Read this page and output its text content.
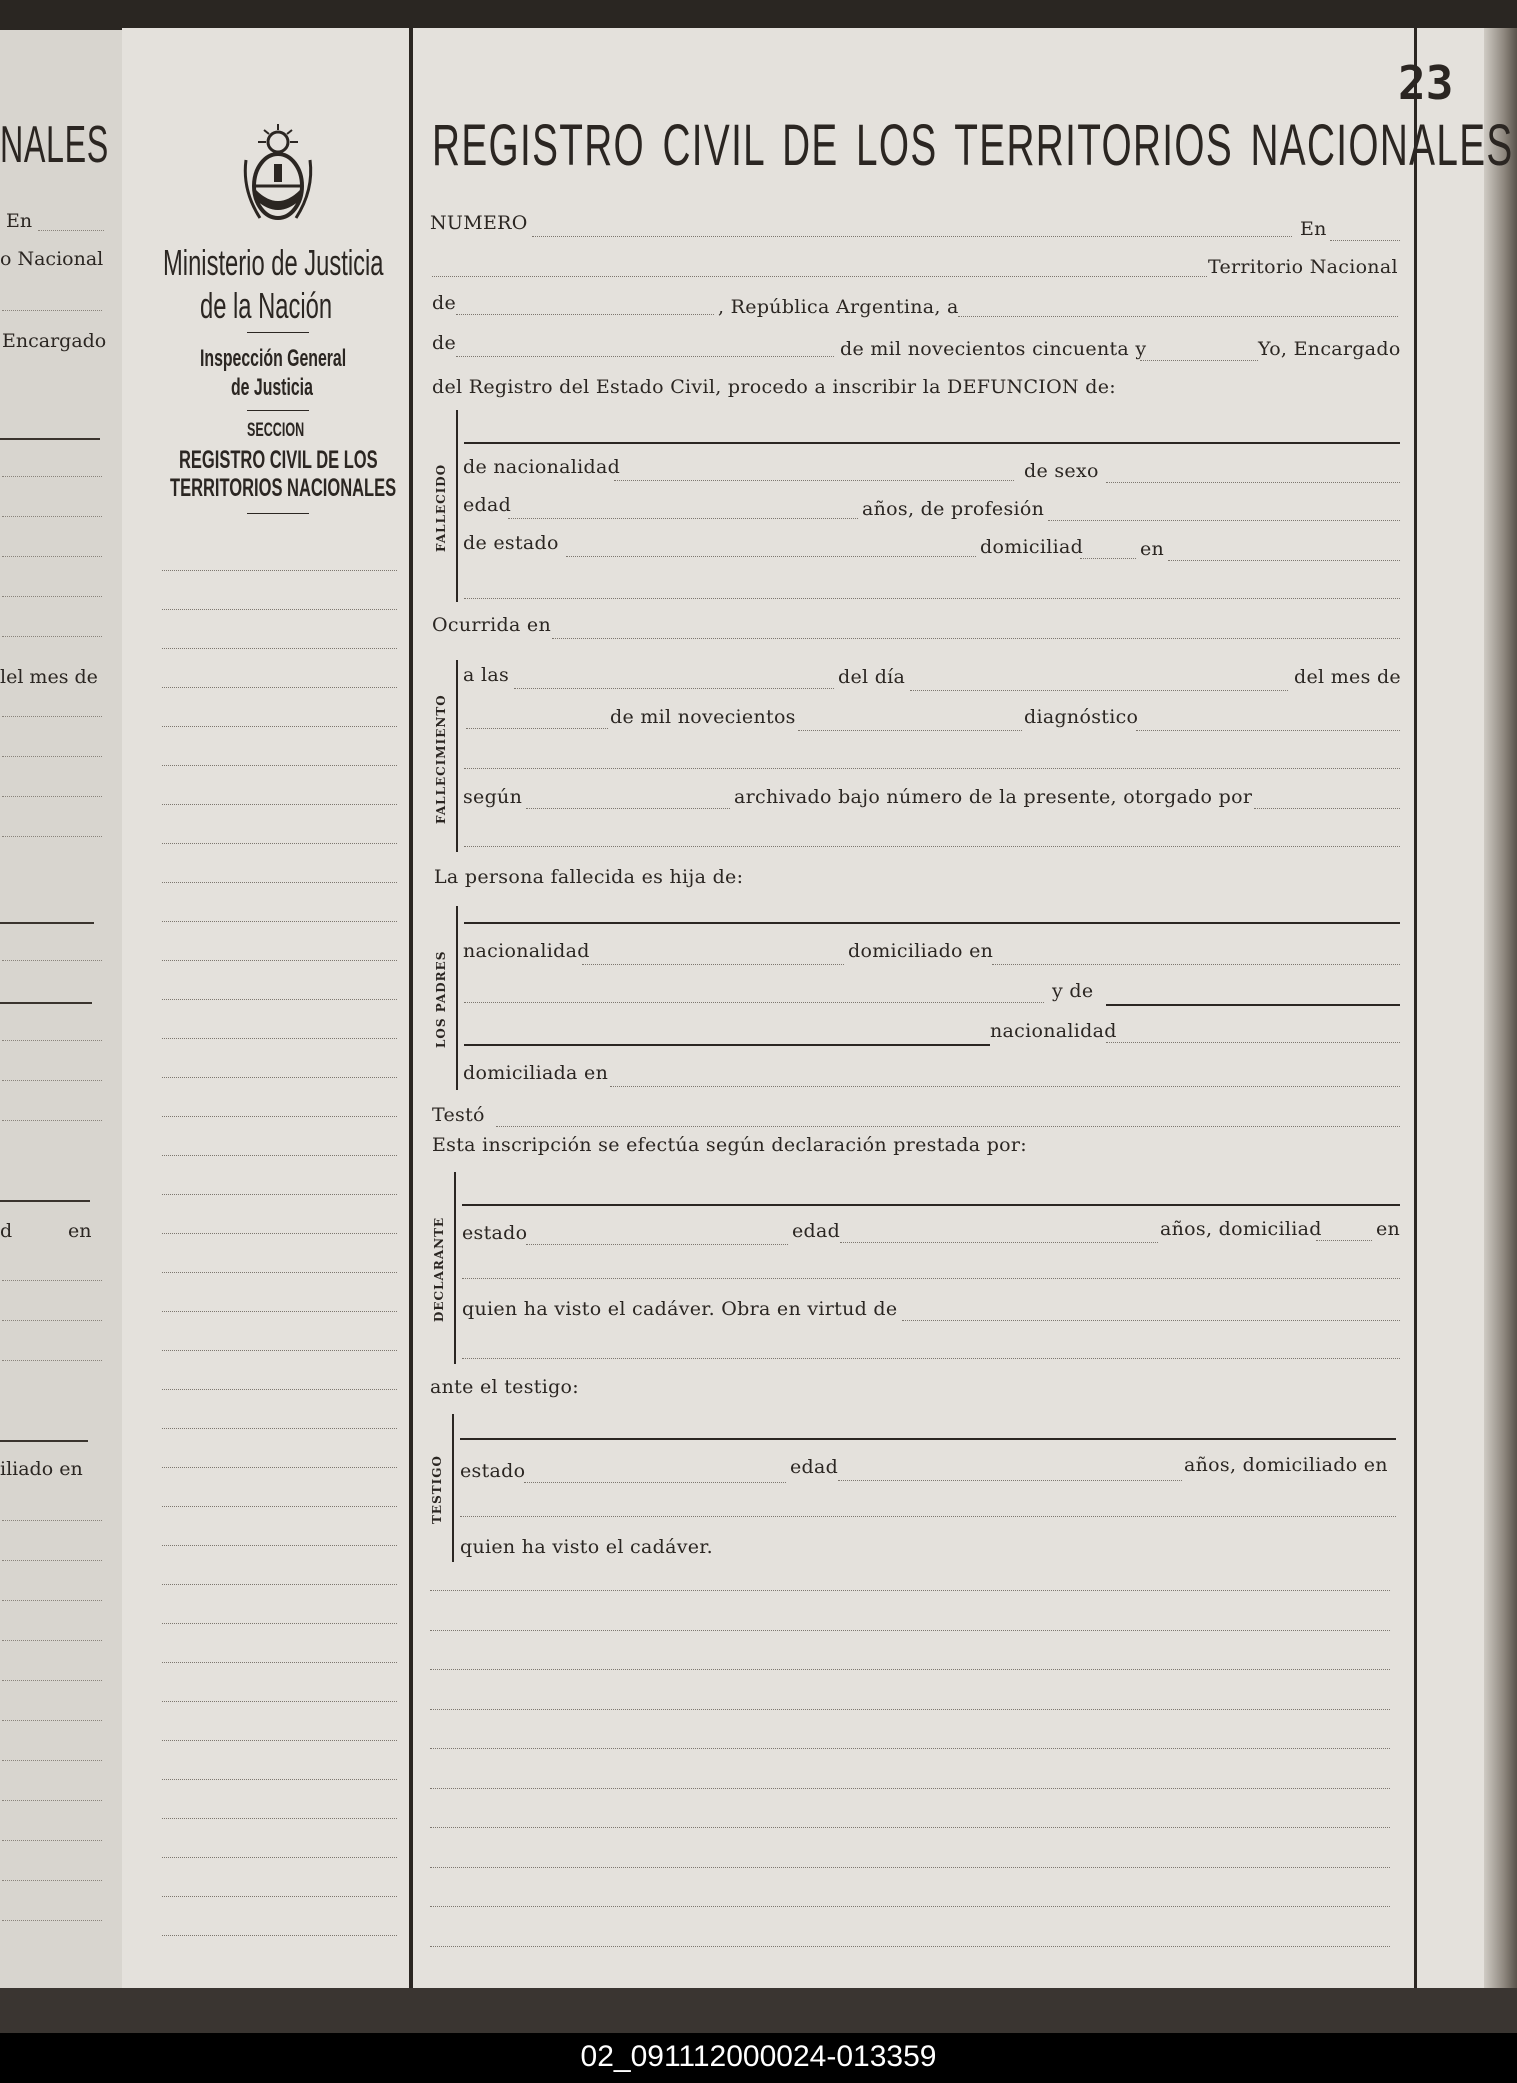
NALES
En
o Nacional
Encargado
lel mes de
d	en
iliado en
02_091112000024-013359
23
Ministerio de Justicia
de la Nación
Inspección General
de Justicia
SECCION
REGISTRO CIVIL DE LOS
TERRITORIOS NACIONALES
REGISTRO CIVIL DE LOS TERRITORIOS NACIONALES
NUMERO	En
Territorio Nacional
de	, República Argentina, a
de	de mil novecientos cincuenta y	Yo, Encargado
del Registro del Estado Civil, procedo a inscribir la DEFUNCION de:
FALLECIDO de nacionalidad	de sexo
edad	años, de profesión
de estado	domiciliad	en
Ocurrida en
FALLECIMIENTO
a las	del día	del mes de
de mil novecientos	diagnóstico
según	archivado bajo número de la presente, otorgado por
La persona fallecida es hija de:
LOS PADRES nacionalidad	domiciliado en
y de
nacionalidad
domiciliada en
Testó
Esta inscripción se efectúa según declaración prestada por:
DECLARANTE estado	edad	años, domiciliad	en
quien ha visto el cadáver. Obra en virtud de
ante el testigo:
TESTIGO estado	edad	años, domiciliado en
quien ha visto el cadáver.
